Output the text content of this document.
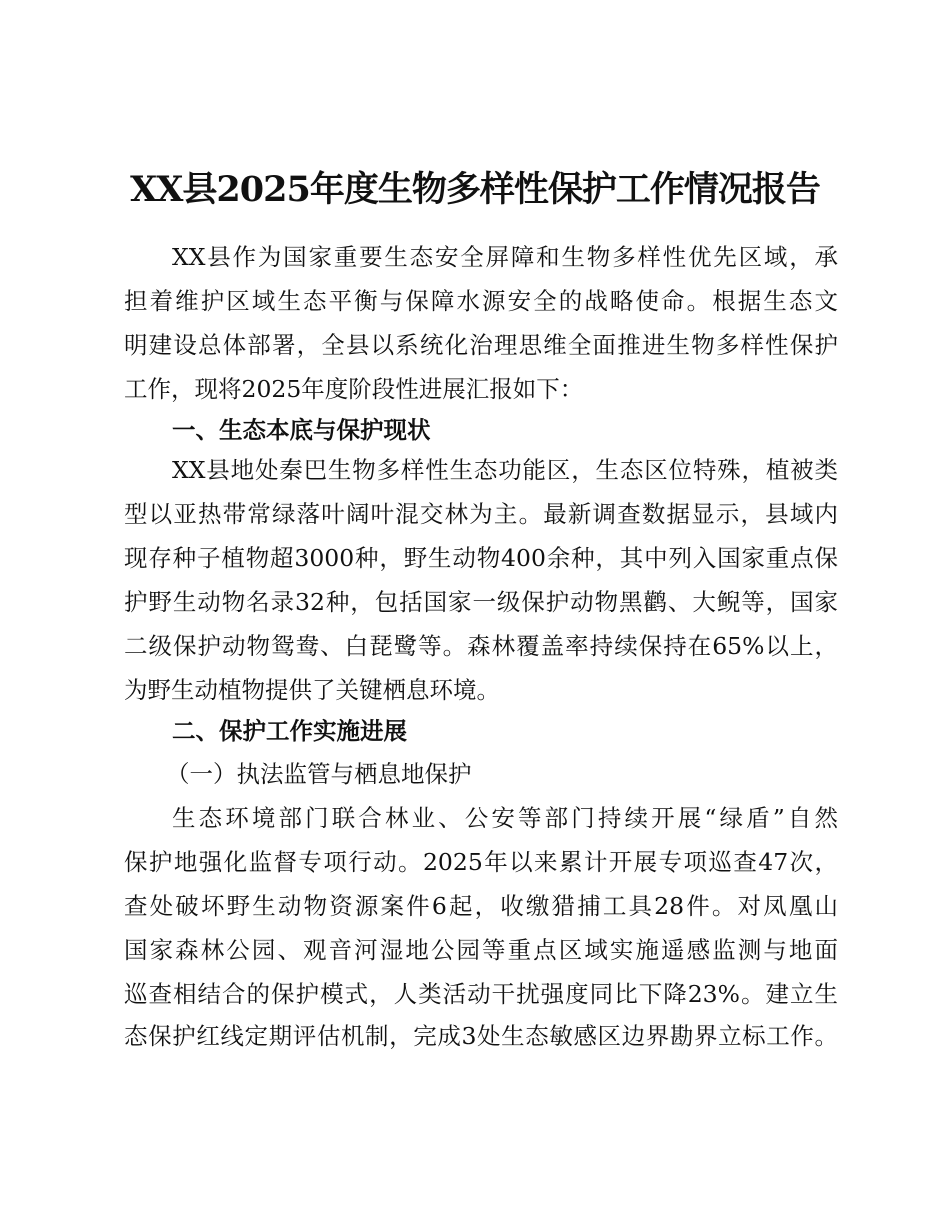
XX县2025年度生物多样性保护工作情况报告
XX县作为国家重要生态安全屏障和生物多样性优先区域，承
担着维护区域生态平衡与保障水源安全的战略使命。根据生态文
明建设总体部署，全县以系统化治理思维全面推进生物多样性保护
工作，现将2025年度阶段性进展汇报如下：
一、生态本底与保护现状
XX县地处秦巴生物多样性生态功能区，生态区位特殊，植被类
型以亚热带常绿落叶阔叶混交林为主。最新调查数据显示，县域内
现存种子植物超3000种，野生动物400余种，其中列入国家重点保
护野生动物名录32种，包括国家一级保护动物黑鹳、大鲵等，国家
二级保护动物鸳鸯、白琵鹭等。森林覆盖率持续保持在65%以上，
为野生动植物提供了关键栖息环境。
二、保护工作实施进展
（一）执法监管与栖息地保护
生态环境部门联合林业、公安等部门持续开展“绿盾”自然
保护地强化监督专项行动。2025年以来累计开展专项巡查47次，
查处破坏野生动物资源案件6起，收缴猎捕工具28件。对凤凰山
国家森林公园、观音河湿地公园等重点区域实施遥感监测与地面
巡查相结合的保护模式，人类活动干扰强度同比下降23%。建立生
态保护红线定期评估机制，完成3处生态敏感区边界勘界立标工作。
